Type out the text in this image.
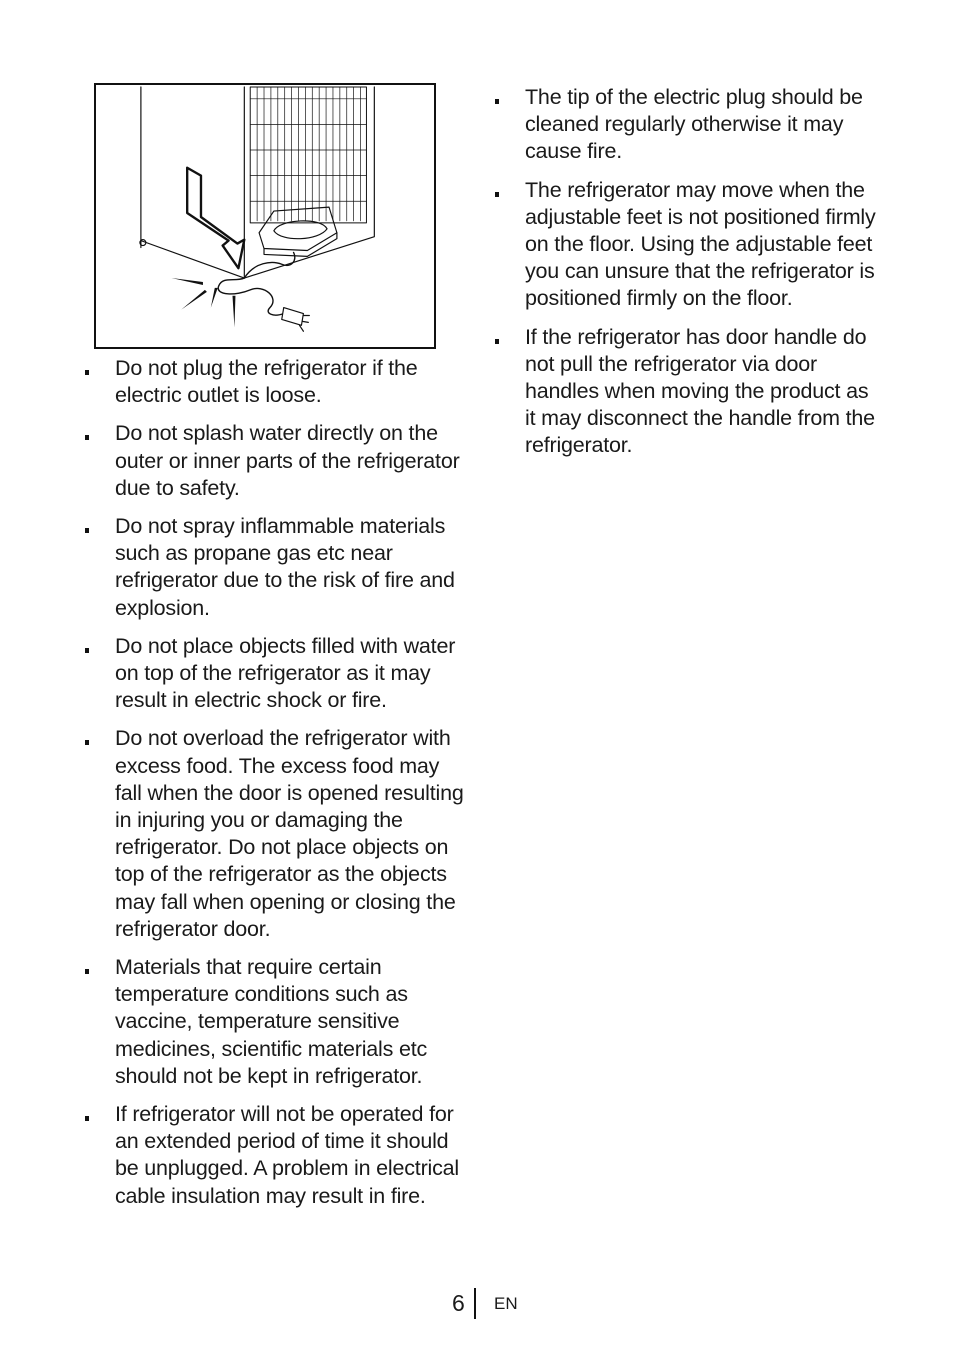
Do not plug the refrigerator if the electric outlet is loose.
Do not splash water directly on the outer or inner parts of the refrigerator due to safety.
Do not spray inflammable materials such as propane gas etc near refrigerator due to the risk of fire and explosion.
Do not place objects filled with water on top of the refrigerator as it may result in electric shock or fire.
Do not overload the refrigerator with excess food. The excess food may fall when the door is opened resulting in injuring you or damaging the refrigerator. Do not place objects on top of the refrigerator as the objects may fall when opening or closing the refrigerator door.
Materials that require certain temperature conditions such as vaccine, temperature sensitive medicines, scientific materials etc should not be kept in refrigerator.
If refrigerator will not be operated for an extended period of time it should be unplugged. A problem in electrical cable insulation may result in fire.
The tip of the electric plug should be cleaned regularly otherwise it may cause fire.
The refrigerator may move when the adjustable feet is not positioned firmly on the floor. Using the adjustable feet you can unsure that the refrigerator is positioned firmly on the floor.
If the refrigerator has door handle do not pull the refrigerator via door handles when moving the product as it may disconnect the handle from the refrigerator.
6 EN
